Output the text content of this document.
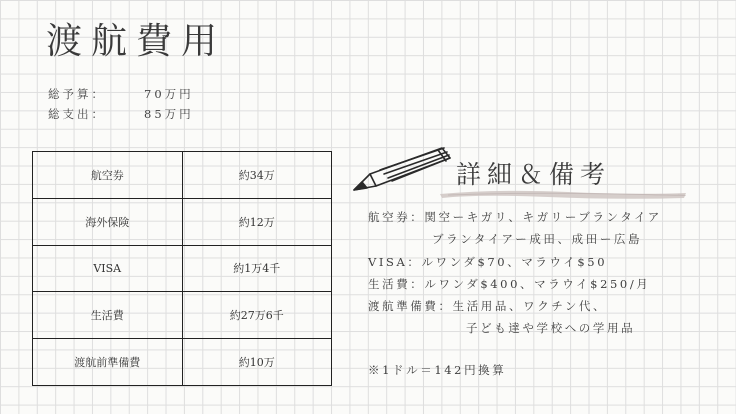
渡航費用
総予算：	70万円
総支出：	85万円
航空券	約34万
海外保険	約12万
VISA	約1万4千
生活費	約27万6千
渡航前準備費	約10万
詳細＆備考
航空券：関空ーキガリ、キガリーブランタイア
ブランタイアー成田、成田ー広島
VISA：ルワンダ$70、マラウイ$50
生活費：ルワンダ$400、マラウイ$250/月
渡航準備費：生活用品、ワクチン代、
子ども達や学校への学用品
※1ドル＝142円換算
